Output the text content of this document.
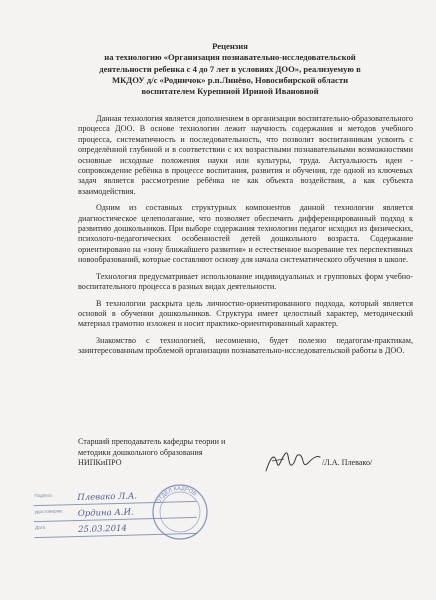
Рецензия
на технологию «Организация познавательно-исследовательской
деятельности ребенка с 4 до 7 лет в условиях ДОО», реализуемую в
МКДОУ д/с «Родничок» р.п.Линёво, Новосибирской области
воспитателем Курепиной Ириной Ивановной

Данная технология является дополнением в организации воспитательно-образовательного процесса ДОО. В основе технологии лежит научность содержания и методов учебного процесса, систематичность и последовательность, что позволит воспитанникам усвоить с определённой глубиной и в соответствии с их возрастными познавательными возможностями основные исходные положения науки или культуры, труда. Актуальность идеи - сопровождение ребёнка в процессе воспитания, развития и обучения, где одной из ключевых задач является рассмотрение ребёнка не как объекта воздействия, а как субъекта взаимодействия.

Одним из составных структурных компонентов данной технологии является диагностическое целеполагание, что позволяет обеспечить дифференцированный подход к развитию дошкольников. При выборе содержания технологии педагог исходил из физических, психолого-педагогических особенностей детей дошкольного возраста. Содержание ориентировано на «зону ближайшего развития» и естественное вызревание тех перспективных новообразований, которые составляют основу для начала систематического обучения в школе.

Технология предусматривает использование индивидуальных и групповых форм учебно-воспитательного процесса в разных видах деятельности.

В технологии раскрыта цель личностно-ориентированного подхода, который является основой в обучении дошкольников. Структура имеет целостный характер, методический материал грамотно изложен и носит практико-ориентированный характер.

Знакомство с технологией, несомненно, будет полезно педагогам-практикам, заинтересованным проблемой организации познавательно-исследовательской работы в ДОО.

Старший преподаватель кафедры теории и
методики дошкольного образования
НИПКиПРО	/Л.А. Плевако/
Подпись	Плевако Л.А.
удостоверяю	Ордина А.И.
Дата	25.03.2014
ОТДЕЛ КАДРОВ
